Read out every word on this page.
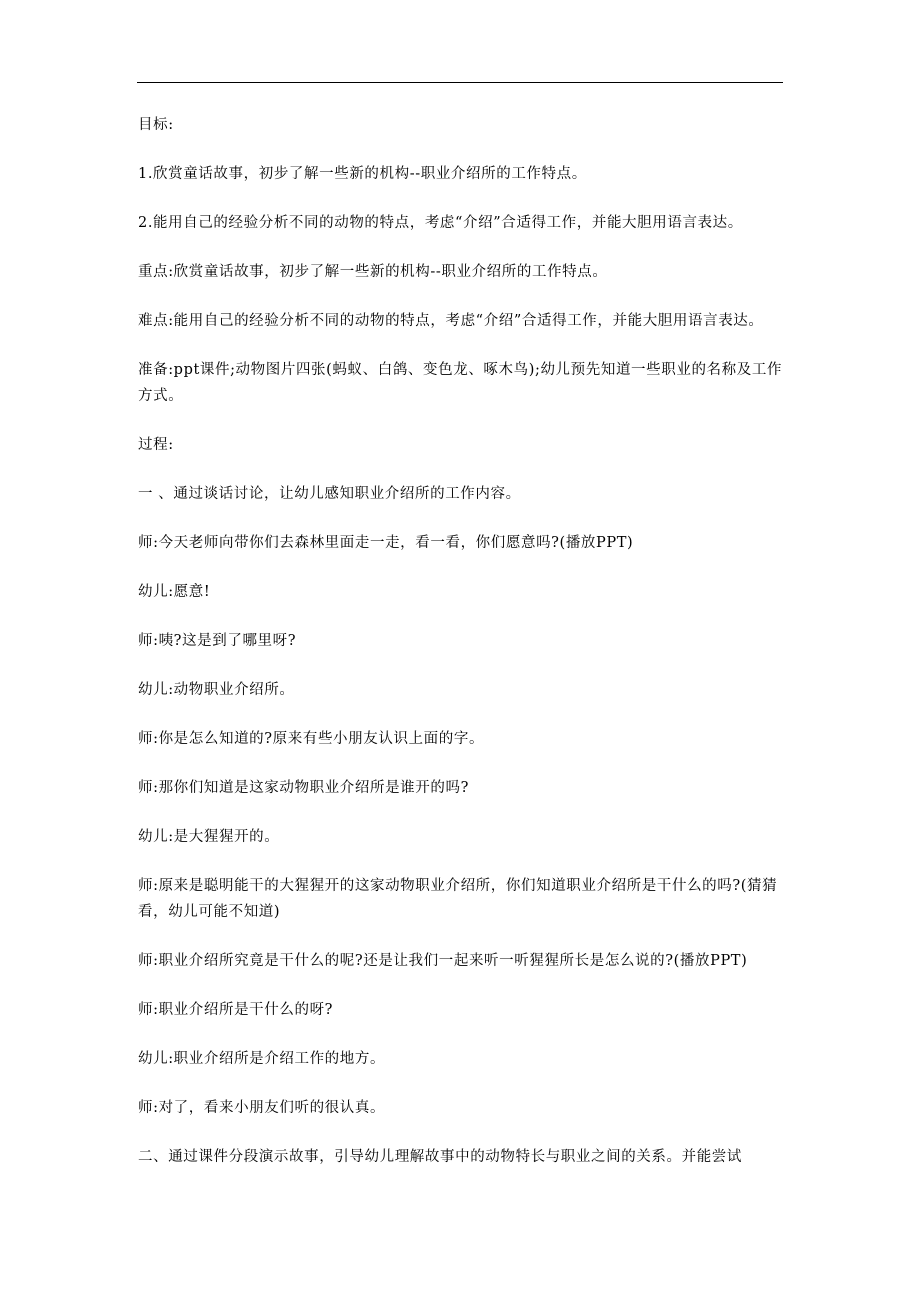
目标:

1.欣赏童话故事，初步了解一些新的机构--职业介绍所的工作特点。

2.能用自己的经验分析不同的动物的特点，考虑“介绍”合适得工作，并能大胆用语言表达。

重点:欣赏童话故事，初步了解一些新的机构--职业介绍所的工作特点。

难点:能用自己的经验分析不同的动物的特点，考虑“介绍”合适得工作，并能大胆用语言表达。

准备:ppt课件;动物图片四张(蚂蚁、白鸽、变色龙、啄木鸟);幼儿预先知道一些职业的名称及工作方式。

过程:

一 、通过谈话讨论，让幼儿感知职业介绍所的工作内容。

师:今天老师向带你们去森林里面走一走，看一看，你们愿意吗?(播放PPT)

幼儿:愿意!

师:咦?这是到了哪里呀?

幼儿:动物职业介绍所。

师:你是怎么知道的?原来有些小朋友认识上面的字。

师:那你们知道是这家动物职业介绍所是谁开的吗?

幼儿:是大猩猩开的。

师:原来是聪明能干的大猩猩开的这家动物职业介绍所，你们知道职业介绍所是干什么的吗?(猜猜看，幼儿可能不知道)

师:职业介绍所究竟是干什么的呢?还是让我们一起来听一听猩猩所长是怎么说的?(播放PPT)

师:职业介绍所是干什么的呀?

幼儿:职业介绍所是介绍工作的地方。

师:对了，看来小朋友们听的很认真。

二、通过课件分段演示故事，引导幼儿理解故事中的动物特长与职业之间的关系。并能尝试
